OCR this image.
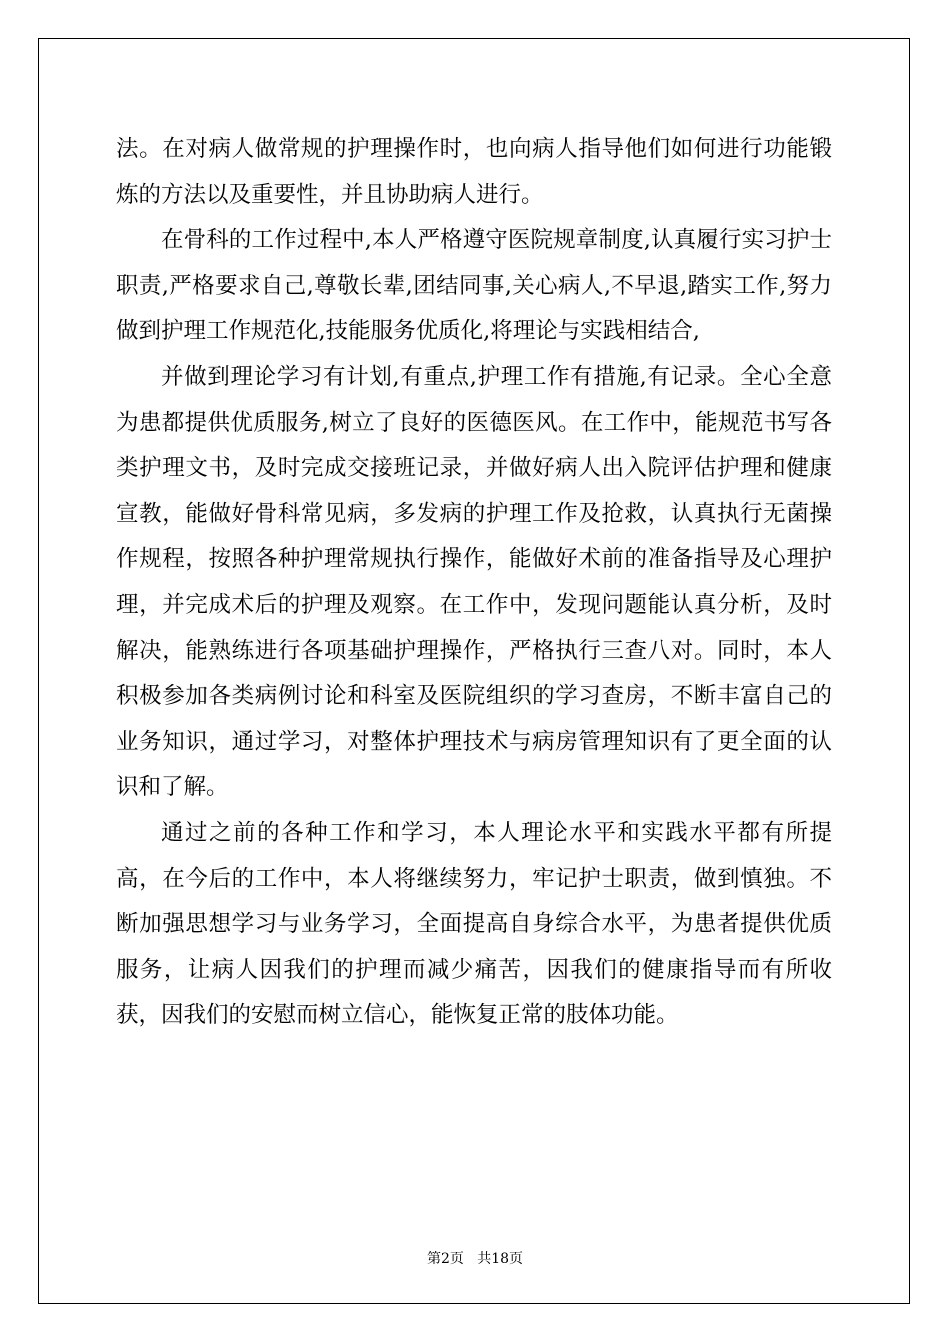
法。在对病人做常规的护理操作时，也向病人指导他们如何进行功能锻炼的方法以及重要性，并且协助病人进行。

在骨科的工作过程中,本人严格遵守医院规章制度,认真履行实习护士职责,严格要求自己,尊敬长辈,团结同事,关心病人,不早退,踏实工作,努力做到护理工作规范化,技能服务优质化,将理论与实践相结合,

并做到理论学习有计划,有重点,护理工作有措施,有记录。全心全意为患都提供优质服务,树立了良好的医德医风。在工作中，能规范书写各类护理文书，及时完成交接班记录，并做好病人出入院评估护理和健康宣教，能做好骨科常见病，多发病的护理工作及抢救，认真执行无菌操作规程，按照各种护理常规执行操作，能做好术前的准备指导及心理护理，并完成术后的护理及观察。在工作中，发现问题能认真分析，及时解决，能熟练进行各项基础护理操作，严格执行三查八对。同时，本人积极参加各类病例讨论和科室及医院组织的学习查房，不断丰富自己的业务知识，通过学习，对整体护理技术与病房管理知识有了更全面的认识和了解。

通过之前的各种工作和学习，本人理论水平和实践水平都有所提高，在今后的工作中，本人将继续努力，牢记护士职责，做到慎独。不断加强思想学习与业务学习，全面提高自身综合水平，为患者提供优质服务，让病人因我们的护理而减少痛苦，因我们的健康指导而有所收获，因我们的安慰而树立信心，能恢复正常的肢体功能。

第2页   共18页
